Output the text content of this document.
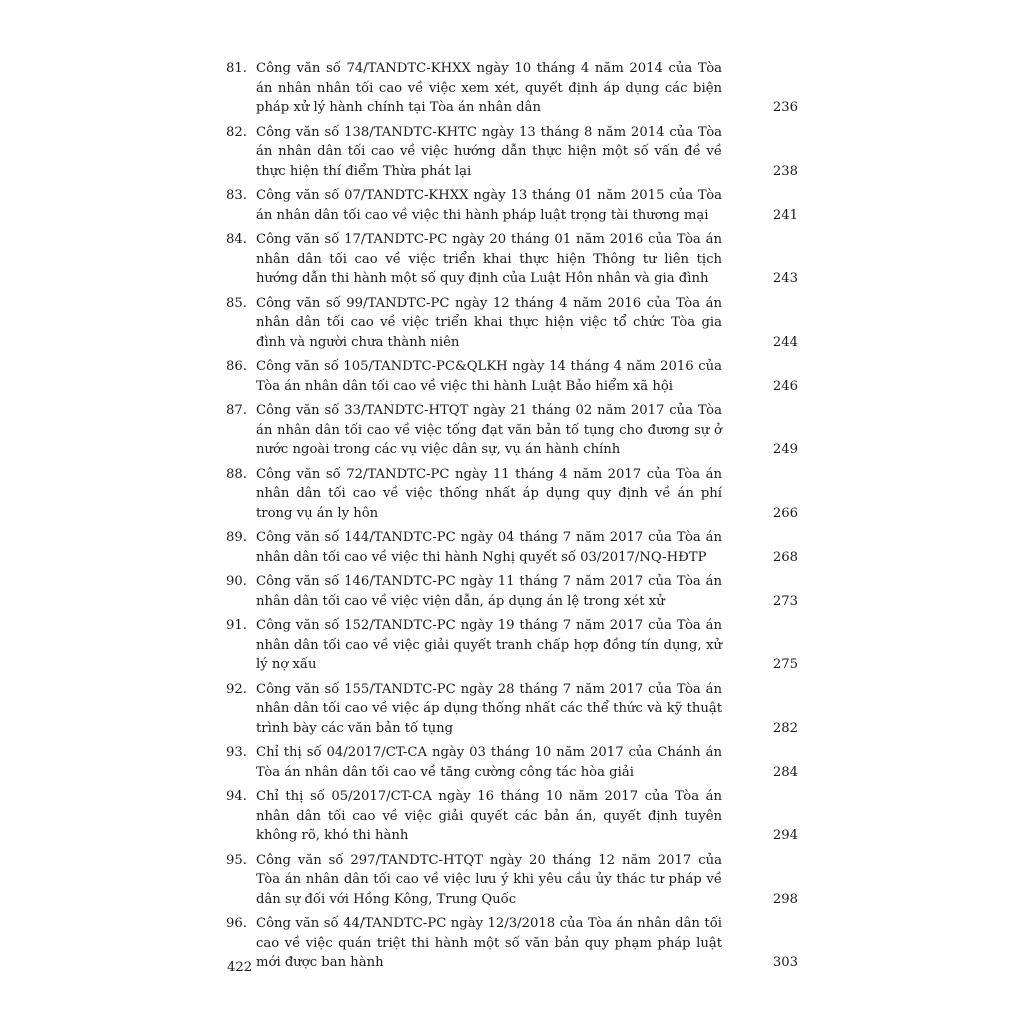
81. Công văn số 74/TANDTC-KHXX ngày 10 tháng 4 năm 2014 của Tòa án nhân nhân tối cao về việc xem xét, quyết định áp dụng các biện pháp xử lý hành chính tại Tòa án nhân dân	236
82. Công văn số 138/TANDTC-KHTC ngày 13 tháng 8 năm 2014 của Tòa án nhân dân tối cao về việc hướng dẫn thực hiện một số vấn đề về thực hiện thí điểm Thừa phát lại	238
83. Công văn số 07/TANDTC-KHXX ngày 13 tháng 01 năm 2015 của Tòa án nhân dân tối cao về việc thi hành pháp luật trọng tài thương mại	241
84. Công văn số 17/TANDTC-PC ngày 20 tháng 01 năm 2016 của Tòa án nhân dân tối cao về việc triển khai thực hiện Thông tư liên tịch hướng dẫn thi hành một số quy định của Luật Hôn nhân và gia đình	243
85. Công văn số 99/TANDTC-PC ngày 12 tháng 4 năm 2016 của Tòa án nhân dân tối cao về việc triển khai thực hiện việc tổ chức Tòa gia đình và người chưa thành niên	244
86. Công văn số 105/TANDTC-PC&QLKH ngày 14 tháng 4 năm 2016 của Tòa án nhân dân tối cao về việc thi hành Luật Bảo hiểm xã hội	246
87. Công văn số 33/TANDTC-HTQT ngày 21 tháng 02 năm 2017 của Tòa án nhân dân tối cao về việc tống đạt văn bản tố tụng cho đương sự ở nước ngoài trong các vụ việc dân sự, vụ án hành chính	249
88. Công văn số 72/TANDTC-PC ngày 11 tháng 4 năm 2017 của Tòa án nhân dân tối cao về việc thống nhất áp dụng quy định về án phí trong vụ án ly hôn	266
89. Công văn số 144/TANDTC-PC ngày 04 tháng 7 năm 2017 của Tòa án nhân dân tối cao về việc thi hành Nghị quyết số 03/2017/NQ-HĐTP	268
90. Công văn số 146/TANDTC-PC ngày 11 tháng 7 năm 2017 của Tòa án nhân dân tối cao về việc viện dẫn, áp dụng án lệ trong xét xử	273
91. Công văn số 152/TANDTC-PC ngày 19 tháng 7 năm 2017 của Tòa án nhân dân tối cao về việc giải quyết tranh chấp hợp đồng tín dụng, xử lý nợ xấu	275
92. Công văn số 155/TANDTC-PC ngày 28 tháng 7 năm 2017 của Tòa án nhân dân tối cao về việc áp dụng thống nhất các thể thức và kỹ thuật trình bày các văn bản tố tụng	282
93. Chỉ thị số 04/2017/CT-CA ngày 03 tháng 10 năm 2017 của Chánh án Tòa án nhân dân tối cao về tăng cường công tác hòa giải	284
94. Chỉ thị số 05/2017/CT-CA ngày 16 tháng 10 năm 2017 của Tòa án nhân dân tối cao về việc giải quyết các bản án, quyết định tuyên không rõ, khó thi hành	294
95. Công văn số 297/TANDTC-HTQT ngày 20 tháng 12 năm 2017 của Tòa án nhân dân tối cao về việc lưu ý khi yêu cầu ủy thác tư pháp về dân sự đối với Hồng Kông, Trung Quốc	298
96. Công văn số 44/TANDTC-PC ngày 12/3/2018 của Tòa án nhân dân tối cao về việc quán triệt thi hành một số văn bản quy phạm pháp luật mới được ban hành	303
422
